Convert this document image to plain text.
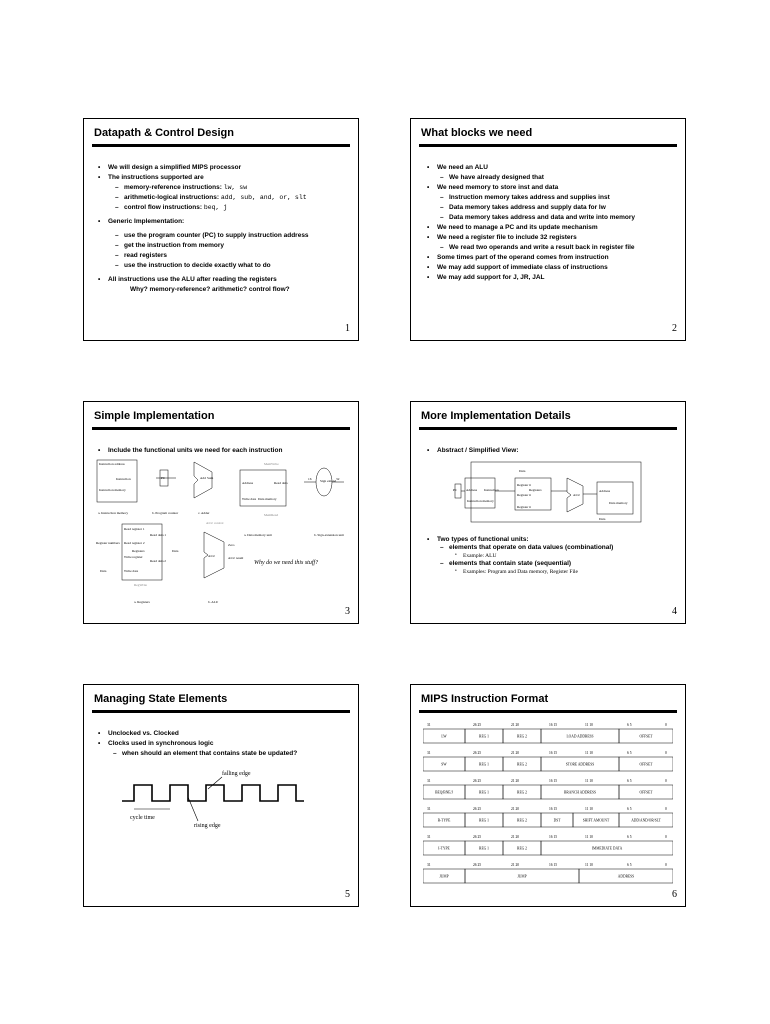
Datapath & Control Design
• We will design a simplified MIPS processor
• The instructions supported are
– memory-reference instructions: lw, sw
– arithmetic-logical instructions: add, sub, and, or, slt
– control flow instructions: beq, j
• Generic Implementation:
– use the program counter (PC) to supply instruction address
– get the instruction from memory
– read registers
– use the instruction to decide exactly what to do
• All instructions use the ALU after reading the registers
Why? memory-reference? arithmetic? control flow?
1
What blocks we need
• We need an ALU
– We have already designed that
• We need memory to store inst and data
– Instruction memory takes address and supplies inst
– Data memory takes address and supply data for lw
– Data memory takes address and data and write into memory
• We need to manage a PC and its update mechanism
• We need a register file to include 32 registers
– We read two operands and write a result back in register file
• Some times part of the operand comes from instruction
• We may add support of immediate class of instructions
• We may add support for J, JR, JAL
2
Simple Implementation
• Include the functional units we need for each instruction
Instruction address
Instruction
Instruction memory
a. Instruction memory
PC
b. Program counter
Add Sum
c. Adder
MemWrite
Address	Read data
Write data Data memory
MemRead
a. Data memory unit
Sign extend
16	32
b. Sign-extension unit
Read register 1
Read register 2
Registers
Write register
Write data
Read data 1
Read data 2
Register numbers
Data
Data
RegWrite
a. Registers
ALU control
ALU
Zero
ALU result
b. ALU
Why do we need this stuff?
3
More Implementation Details
• Abstract / Simplified View:
Data
PC	Address Instruction
Instruction memory
Register #
Registers
Register #
Register #
ALU
Address
Data memory
Data
• Two types of functional units:
– elements that operate on data values (combinational)
• Example: ALU
– elements that contain state (sequential)
• Examples: Program and Data memory, Register File
4
Managing State Elements
• Unclocked vs. Clocked
• Clocks used in synchronous logic
– when should an element that contains state be updated?
falling edge
cycle time
rising edge
5
MIPS Instruction Format
31	26 25	21 20	16 15	11 10	6 5	0
LW	REG 1	REG 2	LOAD ADDRESS	OFFSET
31	26 25	21 20	16 15	11 10	6 5	0
SW	REG 1	REG 2	STORE ADDRESS	OFFSET
31	26 25	21 20	16 15	11 10	6 5	0
BEQ/BNE/J	REG 1	REG 2	BRANCH ADDRESS	OFFSET
31	26 25	21 20	16 15	11 10	6 5	0
R-TYPE	REG 1	REG 2	DST	SHIFT AMOUNT	ADD/AND/OR/SLT
31	26 25	21 20	16 15	11 10	6 5	0
I-TYPE	REG 1	REG 2	IMMEDIATE DATA
31	26 25	21 20	16 15	11 10	6 5	0
JUMP	JUMP	ADDRESS
6
